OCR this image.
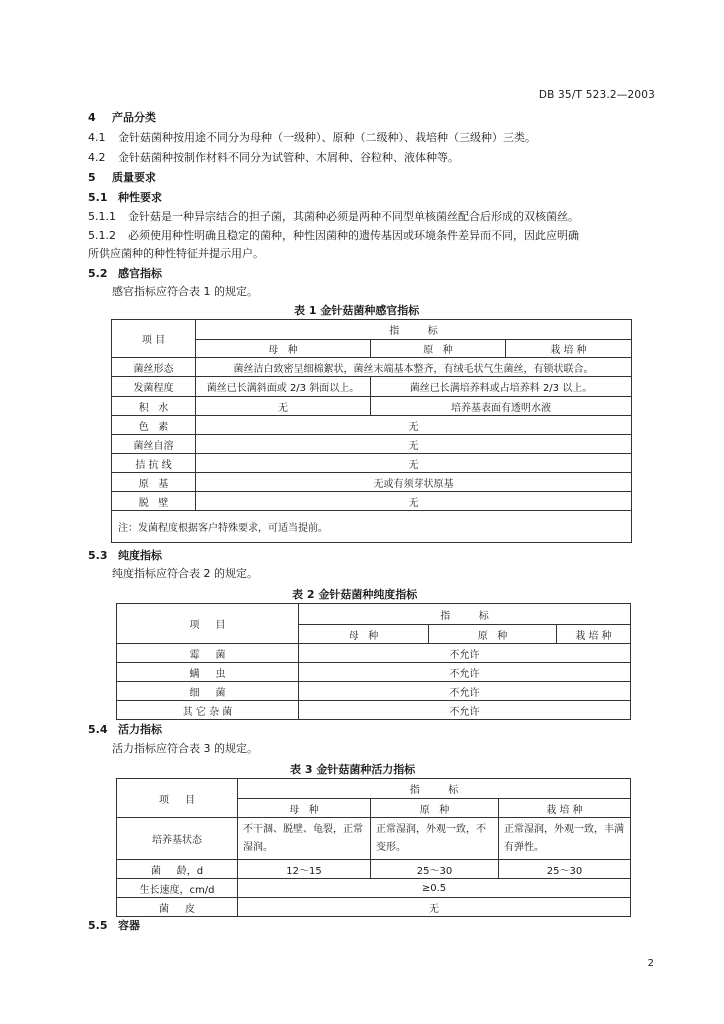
DB 35/T 523.2—2003
4 产品分类
4.1 金针菇菌种按用途不同分为母种（一级种）、原种（二级种）、栽培种（三级种）三类。
4.2 金针菇菌种按制作材料不同分为试管种、木屑种、谷粒种、液体种等。
5 质量要求
5.1 种性要求
5.1.1 金针菇是一种异宗结合的担子菌，其菌种必须是两种不同型单核菌丝配合后形成的双核菌丝。
5.1.2 必须使用种性明确且稳定的菌种，种性因菌种的遗传基因或环境条件差异而不同，因此应明确
所供应菌种的种性特征并提示用户。
5.2 感官指标
感官指标应符合表 1 的规定。
表 1 金针菇菌种感官指标
项 目	指         标		
	母   种	原   种	栽 培 种
菌丝形态	菌丝洁白致密呈细棉絮状，菌丝末端基本整齐，有绒毛状气生菌丝，有锁状联合。		
发菌程度	菌丝已长满斜面或 2/3 斜面以上。	菌丝已长满培养料或占培养料 2/3 以上。	
积   水	无	培养基表面有透明水液	
色   素	无		
菌丝自溶	无		
拮 抗 线	无		
原   基	无或有须芽状原基		
脱   壁	无		
注：发菌程度根据客户特殊要求，可适当提前。			
5.3 纯度指标
纯度指标应符合表 2 的规定。
表 2 金针菇菌种纯度指标
项     目	指         标		
	母   种	原   种	栽 培 种
霉     菌	不允许		
螨     虫	不允许		
细     菌	不允许		
其 它 杂 菌	不允许		
5.4 活力指标
活力指标应符合表 3 的规定。
表 3 金针菇菌种活力指标
项     目	指         标		
	母   种	原   种	栽 培 种
培养基状态	不干涸、脱壁、龟裂，正常湿润。	正常湿润，外观一致，不变形。	正常湿润，外观一致，丰满有弹性。
菌     龄，d	12～15	25～30	25～30
生长速度，cm/d	≥0.5		
菌     皮	无		
5.5 容器
2
